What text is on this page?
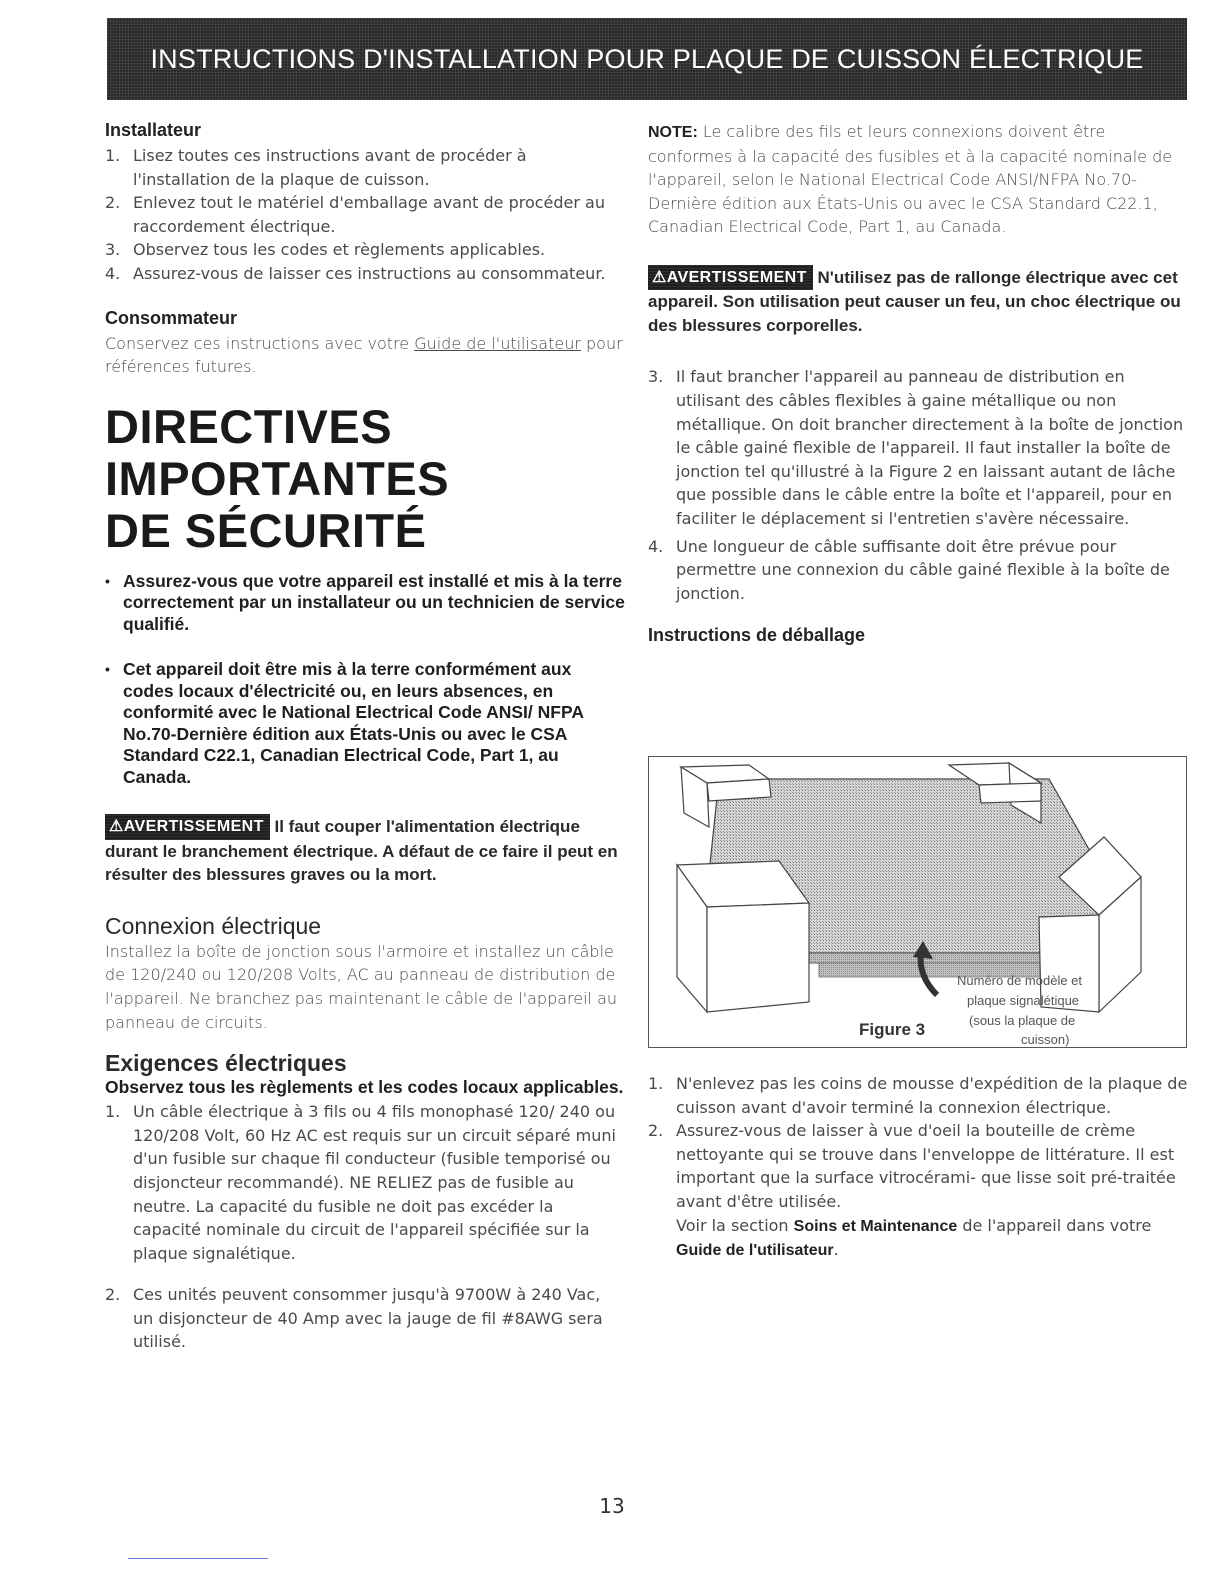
INSTRUCTIONS D'INSTALLATION POUR PLAQUE DE CUISSON ÉLECTRIQUE
Installateur
1. Lisez toutes ces instructions avant de procéder à l'installation de la plaque de cuisson.
2. Enlevez tout le matériel d'emballage avant de procéder au raccordement électrique.
3. Observez tous les codes et règlements applicables.
4. Assurez-vous de laisser ces instructions au consommateur.
Consommateur

Conservez ces instructions avec votre Guide de l'utilisateur pour références futures.

DIRECTIVES IMPORTANTES
DE SÉCURITÉ
• Assurez-vous que votre appareil est installé et mis à la terre correctement par un installateur ou un technicien de service qualifié.
• Cet appareil doit être mis à la terre conformément aux codes locaux d'électricité ou, en leurs absences, en conformité avec le National Electrical Code ANSI/ NFPA No.70-Dernière édition aux États-Unis ou avec le CSA Standard C22.1, Canadian Electrical Code, Part 1, au Canada.

⚠AVERTISSEMENT Il faut couper l'alimentation électrique durant le branchement électrique. A défaut de ce faire il peut en résulter des blessures graves ou la mort.

Connexion électrique

Installez la boîte de jonction sous l'armoire et installez un câble de 120/240 ou 120/208 Volts, AC au panneau de distribution de l'appareil. Ne branchez pas maintenant le câble de l'appareil au panneau de circuits.

Exigences électriques
Observez tous les règlements et les codes locaux applicables.
1. Un câble électrique à 3 fils ou 4 fils monophasé 120/ 240 ou 120/208 Volt, 60 Hz AC est requis sur un circuit séparé muni d'un fusible sur chaque fil conducteur (fusible temporisé ou disjoncteur recommandé). NE RELIEZ pas de fusible au neutre. La capacité du fusible ne doit pas excéder la capacité nominale du circuit de l'appareil spécifiée sur la plaque signalétique.
2. Ces unités peuvent consommer jusqu'à 9700W à 240 Vac, un disjoncteur de 40 Amp avec la jauge de fil #8AWG sera utilisé.

NOTE: Le calibre des fils et leurs connexions doivent être conformes à la capacité des fusibles et à la capacité nominale de l'appareil, selon le National Electrical Code ANSI/NFPA No.70-Dernière édition aux États-Unis ou avec le CSA Standard C22.1, Canadian Electrical Code, Part 1, au Canada.

⚠AVERTISSEMENT N'utilisez pas de rallonge électrique avec cet appareil. Son utilisation peut causer un feu, un choc électrique ou des blessures corporelles.

3. Il faut brancher l'appareil au panneau de distribution en utilisant des câbles flexibles à gaine métallique ou non métallique. On doit brancher directement à la boîte de jonction le câble gainé flexible de l'appareil. Il faut installer la boîte de jonction tel qu'illustré à la Figure 2 en laissant autant de lâche que possible dans le câble entre la boîte et l'appareil, pour en faciliter le déplacement si l'entretien s'avère nécessaire.
4. Une longueur de câble suffisante doit être prévue pour permettre une connexion du câble gainé flexible à la boîte de jonction.
Instructions de déballage
Numéro de modèle et
plaque signalétique
(sous la plaque de
cuisson)
Figure 3
1. N'enlevez pas les coins de mousse d'expédition de la plaque de cuisson avant d'avoir terminé la connexion électrique.
2. Assurez-vous de laisser à vue d'oeil la bouteille de crème nettoyante qui se trouve dans l'enveloppe de littérature. Il est important que la surface vitrocérami- que lisse soit pré-traitée avant d'être utilisée.
Voir la section Soins et Maintenance de l'appareil dans votre Guide de l'utilisateur.
13
